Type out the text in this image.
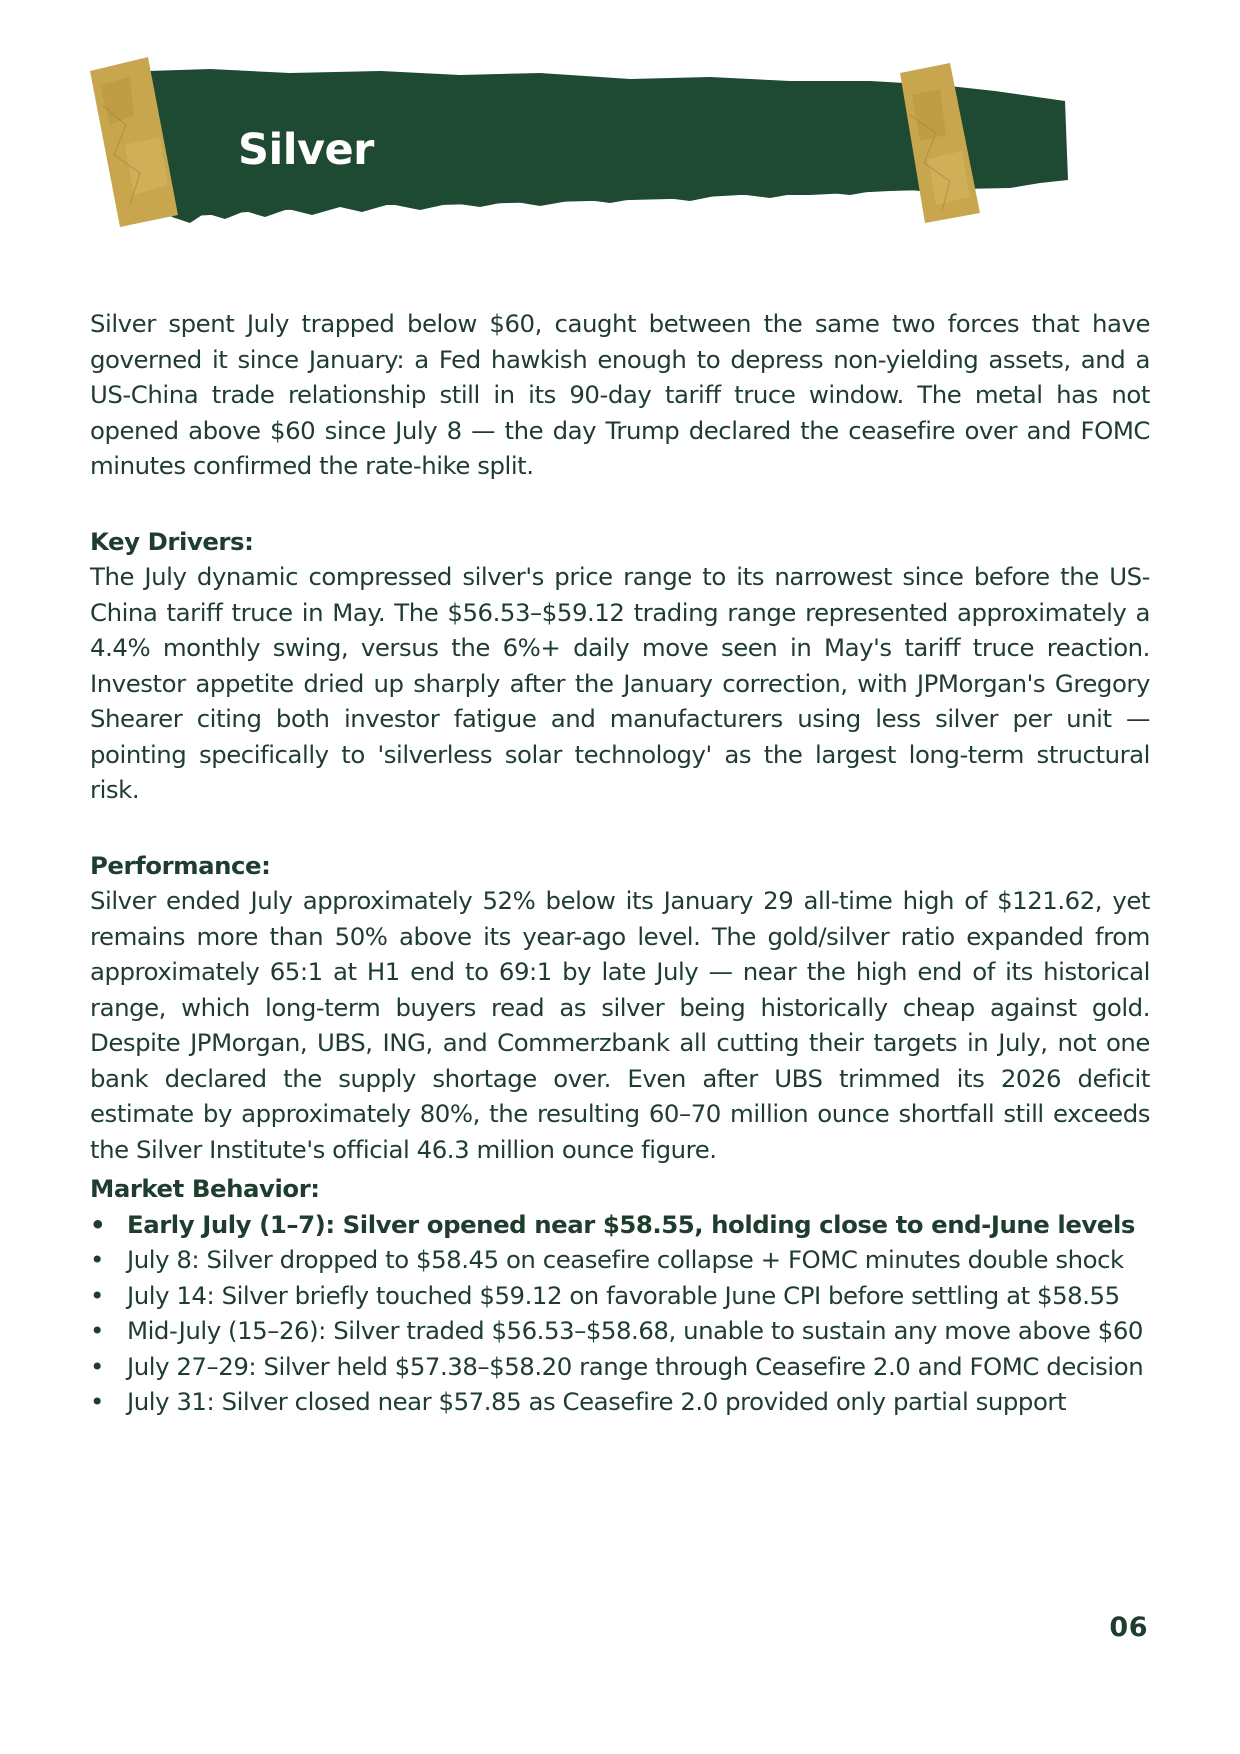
Silver

Silver spent July trapped below $60, caught between the same two forces that have governed it since January: a Fed hawkish enough to depress non-yielding assets, and a US-China trade relationship still in its 90-day tariff truce window. The metal has not opened above $60 since July 8 — the day Trump declared the ceasefire over and FOMC minutes confirmed the rate-hike split.

Key Drivers:

The July dynamic compressed silver's price range to its narrowest since before the US-China tariff truce in May. The $56.53–$59.12 trading range represented approximately a 4.4% monthly swing, versus the 6%+ daily move seen in May's tariff truce reaction. Investor appetite dried up sharply after the January correction, with JPMorgan's Gregory Shearer citing both investor fatigue and manufacturers using less silver per unit — pointing specifically to 'silverless solar technology' as the largest long-term structural risk.

Performance:

Silver ended July approximately 52% below its January 29 all-time high of $121.62, yet remains more than 50% above its year-ago level. The gold/silver ratio expanded from approximately 65:1 at H1 end to 69:1 by late July — near the high end of its historical range, which long-term buyers read as silver being historically cheap against gold. Despite JPMorgan, UBS, ING, and Commerzbank all cutting their targets in July, not one bank declared the supply shortage over. Even after UBS trimmed its 2026 deficit estimate by approximately 80%, the resulting 60–70 million ounce shortfall still exceeds the Silver Institute's official 46.3 million ounce figure.

Market Behavior:

• Early July (1–7): Silver opened near $58.55, holding close to end-June levels
• July 8: Silver dropped to $58.45 on ceasefire collapse + FOMC minutes double shock
• July 14: Silver briefly touched $59.12 on favorable June CPI before settling at $58.55
• Mid-July (15–26): Silver traded $56.53–$58.68, unable to sustain any move above $60
• July 27–29: Silver held $57.38–$58.20 range through Ceasefire 2.0 and FOMC decision
• July 31: Silver closed near $57.85 as Ceasefire 2.0 provided only partial support
06
